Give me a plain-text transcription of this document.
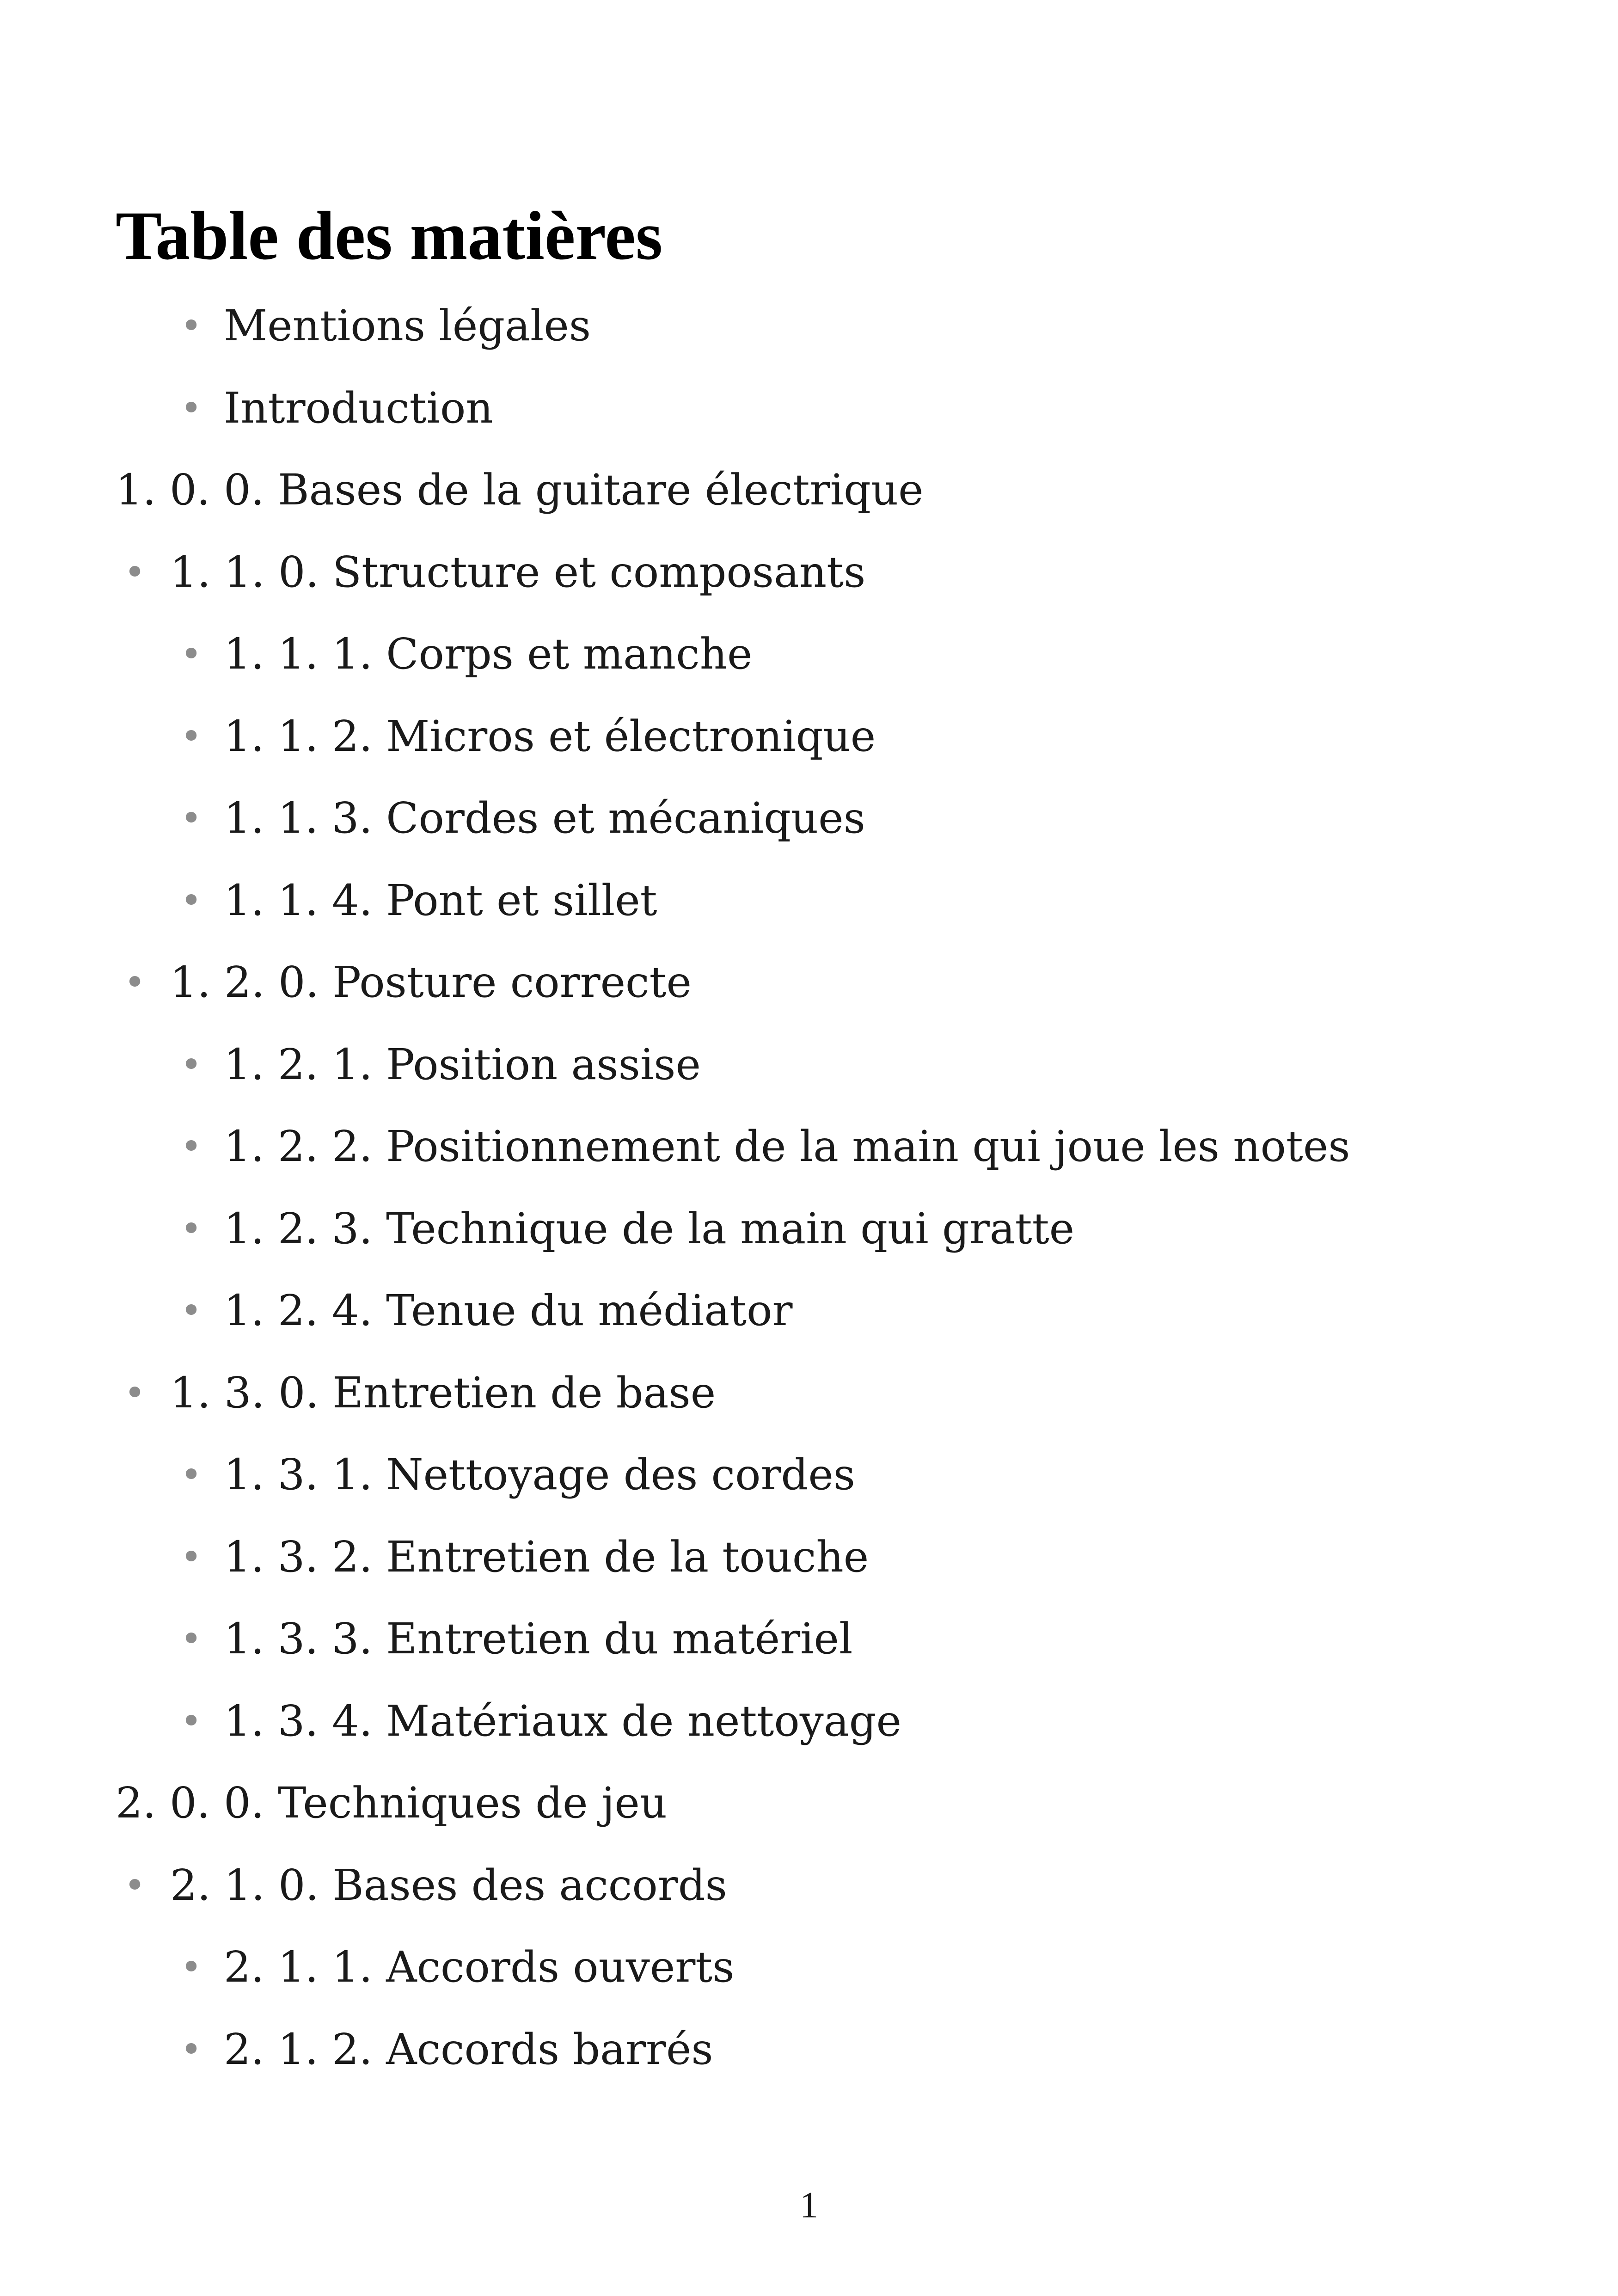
Table des matières
• Mentions légales
• Introduction
1. 0. 0. Bases de la guitare électrique
• 1. 1. 0. Structure et composants
• 1. 1. 1. Corps et manche
• 1. 1. 2. Micros et électronique
• 1. 1. 3. Cordes et mécaniques
• 1. 1. 4. Pont et sillet
• 1. 2. 0. Posture correcte
• 1. 2. 1. Position assise
• 1. 2. 2. Positionnement de la main qui joue les notes
• 1. 2. 3. Technique de la main qui gratte
• 1. 2. 4. Tenue du médiator
• 1. 3. 0. Entretien de base
• 1. 3. 1. Nettoyage des cordes
• 1. 3. 2. Entretien de la touche
• 1. 3. 3. Entretien du matériel
• 1. 3. 4. Matériaux de nettoyage
2. 0. 0. Techniques de jeu
• 2. 1. 0. Bases des accords
• 2. 1. 1. Accords ouverts
• 2. 1. 2. Accords barrés
1
